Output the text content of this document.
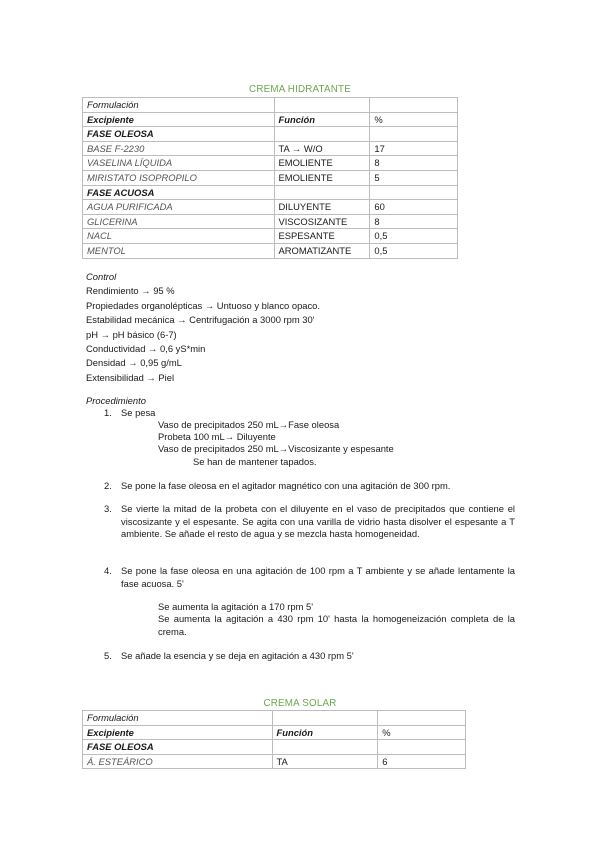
CREMA HIDRATANTE
Formulación		
Excipiente	Función	%
FASE OLEOSA		
BASE F-2230	TA → W/O	17
VASELINA LÍQUIDA	EMOLIENTE	8
MIRISTATO ISOPROPILO	EMOLIENTE	5
FASE ACUOSA		
AGUA PURIFICADA	DILUYENTE	60
GLICERINA	VISCOSIZANTE	8
NACL	ESPESANTE	0,5
MENTOL	AROMATIZANTE	0,5
Control
Rendimiento → 95 %
Propiedades organolépticas → Untuoso y blanco opaco.
Estabilidad mecánica → Centrifugación a 3000 rpm 30'
pH → pH básico (6-7)
Conductividad → 0,6 yS*min
Densidad → 0,95 g/mL
Extensibilidad → Piel
Procedimiento
1. Se pesa
Vaso de precipitados 250 mL→Fase oleosa
Probeta 100 mL→ Diluyente
Vaso de precipitados 250 mL→Viscosizante y espesante
Se han de mantener tapados.
2. Se pone la fase oleosa en el agitador magnético con una agitación de 300 rpm.
3. Se vierte la mitad de la probeta con el diluyente en el vaso de precipitados que contiene el viscosizante y el espesante. Se agita con una varilla de vidrio hasta disolver el espesante a T ambiente. Se añade el resto de agua y se mezcla hasta homogeneidad.
4. Se pone la fase oleosa en una agitación de 100 rpm a T ambiente y se añade lentamente la fase acuosa. 5'
Se aumenta la agitación a 170 rpm 5'
Se aumenta la agitación a 430 rpm 10' hasta la homogeneización completa de la crema.
5. Se añade la esencia y se deja en agitación a 430 rpm 5'
CREMA SOLAR
Formulación		
Excipiente	Función	%
FASE OLEOSA		
Á. ESTEÁRICO	TA	6
